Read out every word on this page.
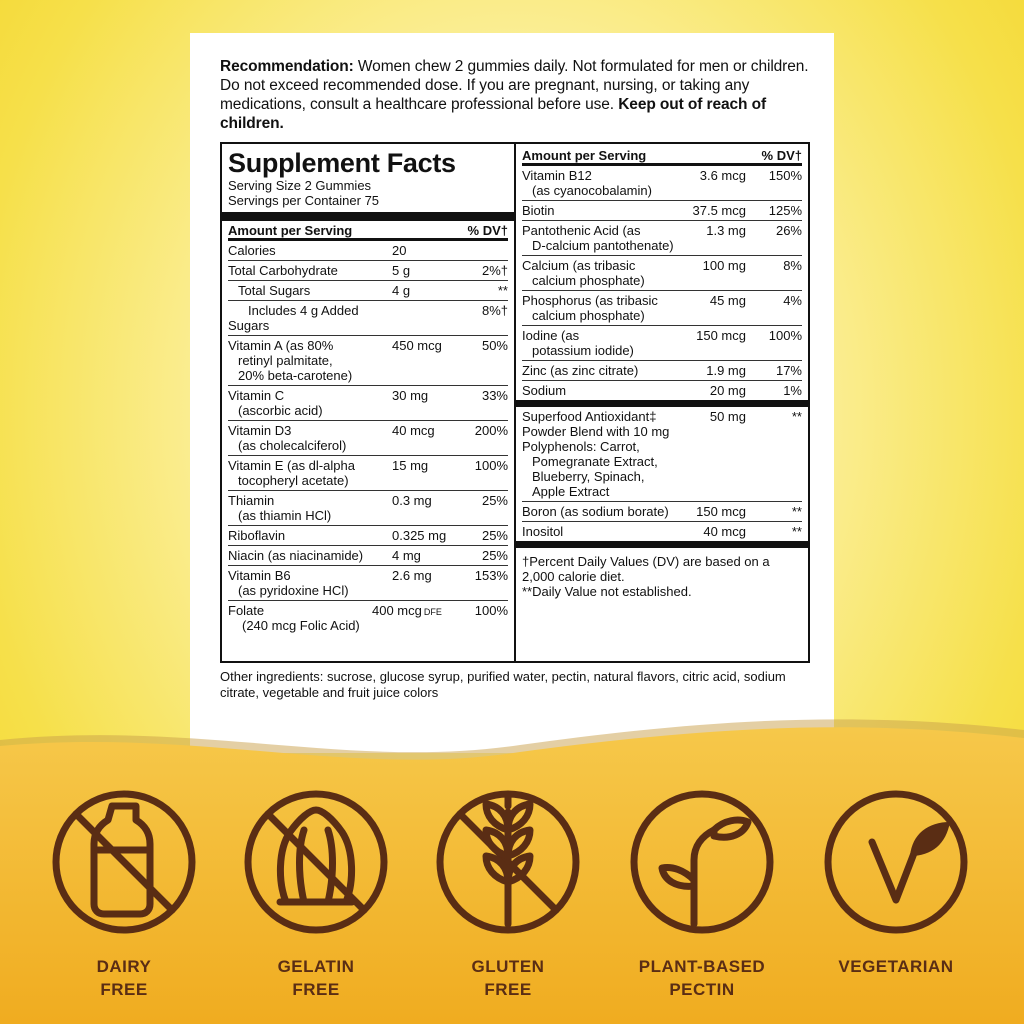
Recommendation: Women chew 2 gummies daily. Not formulated for men or children. Do not exceed recommended dose. If you are pregnant, nursing, or taking any medications, consult a healthcare professional before use. Keep out of reach of children.

Supplement Facts
Serving Size 2 Gummies
Servings per Container 75
Amount per Serving	% DV†
Calories	20
Total Carbohydrate	5 g	2%†
Total Sugars	4 g	**
Includes 4 g Added Sugars
8%†
Vitamin A (as 80%
retinyl palmitate,
20% beta-carotene)
450 mcg	50%
Vitamin C
(ascorbic acid)
30 mg	33%
Vitamin D3
(as cholecalciferol)
40 mcg	200%
Vitamin E (as dl-alpha
tocopheryl acetate)
15 mg	100%
Thiamin
(as thiamin HCl)
0.3 mg	25%
Riboflavin	0.325 mg	25%
Niacin (as niacinamide)	4 mg	25%
Vitamin B6
(as pyridoxine HCl)
2.6 mg	153%
Folate
(240 mcg Folic Acid)
400 mcg DFE	100%
Amount per Serving	% DV†
Vitamin B12
(as cyanocobalamin)
3.6 mcg	150%
Biotin	37.5 mcg	125%
Pantothenic Acid (as
D-calcium pantothenate)
1.3 mg	26%
Calcium (as tribasic
calcium phosphate)
100 mg	8%
Phosphorus (as tribasic
calcium phosphate)
45 mg	4%
Iodine (as
potassium iodide)
150 mcg	100%
Zinc (as zinc citrate)	1.9 mg	17%
Sodium	20 mg	1%
Superfood Antioxidant‡
Powder Blend with 10 mg
Polyphenols: Carrot,
Pomegranate Extract,
Blueberry, Spinach,
Apple Extract
50 mg	**
Boron (as sodium borate)	150 mcg	**
Inositol	40 mcg	**
†Percent Daily Values (DV) are based on a 2,000 calorie diet.
**Daily Value not established.

Other ingredients: sucrose, glucose syrup, purified water, pectin, natural flavors, citric acid, sodium citrate, vegetable and fruit juice colors

DAIRY
FREE
GELATIN
FREE
GLUTEN
FREE
PLANT-BASED
PECTIN
VEGETARIAN
